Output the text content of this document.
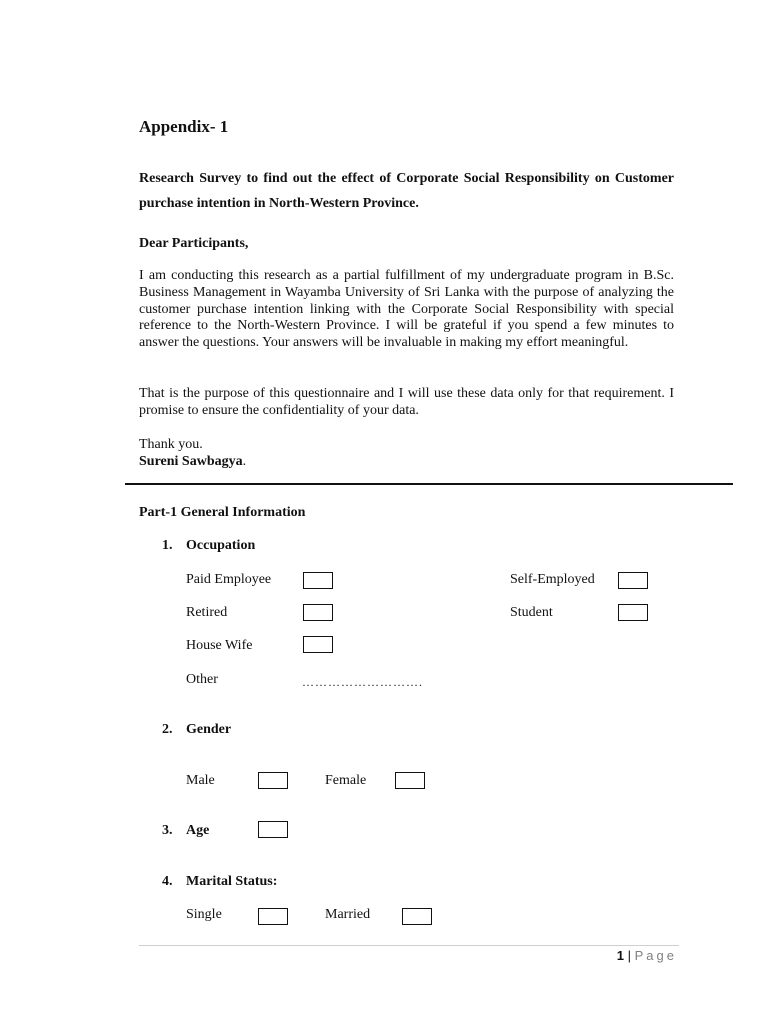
Appendix- 1
Research Survey to find out the effect of Corporate Social Responsibility on Customer purchase intention in North-Western Province.
Dear Participants,
I am conducting this research as a partial fulfillment of my undergraduate program in B.Sc. Business Management in Wayamba University of Sri Lanka with the purpose of analyzing the customer purchase intention linking with the Corporate Social Responsibility with special reference to the North-Western Province. I will be grateful if you spend a few minutes to answer the questions. Your answers will be invaluable in making my effort meaningful.
That is the purpose of this questionnaire and I will use these data only for that requirement. I promise to ensure the confidentiality of your data.
Thank you.
Sureni Sawbagya.
Part-1 General Information
1. Occupation
Paid Employee	Self-Employed
Retired	Student
House Wife
Other	……………………….
2. Gender
Male	Female
3. Age
4. Marital Status:
Single	Married
1 | Page
